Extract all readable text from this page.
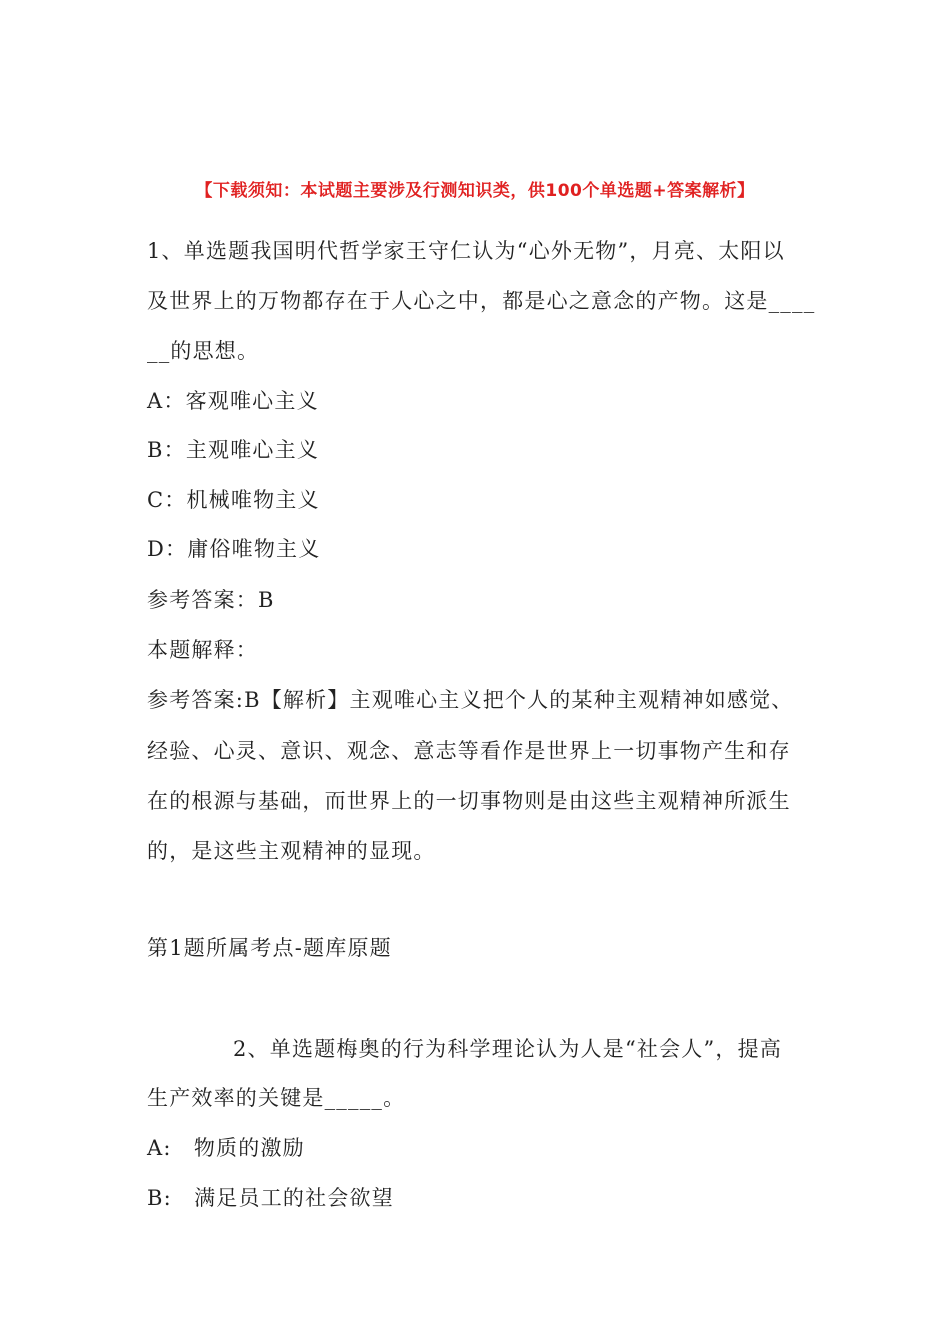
【下载须知：本试题主要涉及行测知识类，供100个单选题+答案解析】
1、单选题我国明代哲学家王守仁认为“心外无物”，月亮、太阳以
及世界上的万物都存在于人心之中，都是心之意念的产物。这是____
__的思想。
A：客观唯心主义
B：主观唯心主义
C：机械唯物主义
D：庸俗唯物主义
参考答案：B
本题解释：
参考答案:B【解析】主观唯心主义把个人的某种主观精神如感觉、
经验、心灵、意识、观念、意志等看作是世界上一切事物产生和存
在的根源与基础，而世界上的一切事物则是由这些主观精神所派生
的，是这些主观精神的显现。
第1题所属考点-题库原题
2、单选题梅奥的行为科学理论认为人是“社会人”，提高
生产效率的关键是_____。
A:　物质的激励
B:　满足员工的社会欲望
